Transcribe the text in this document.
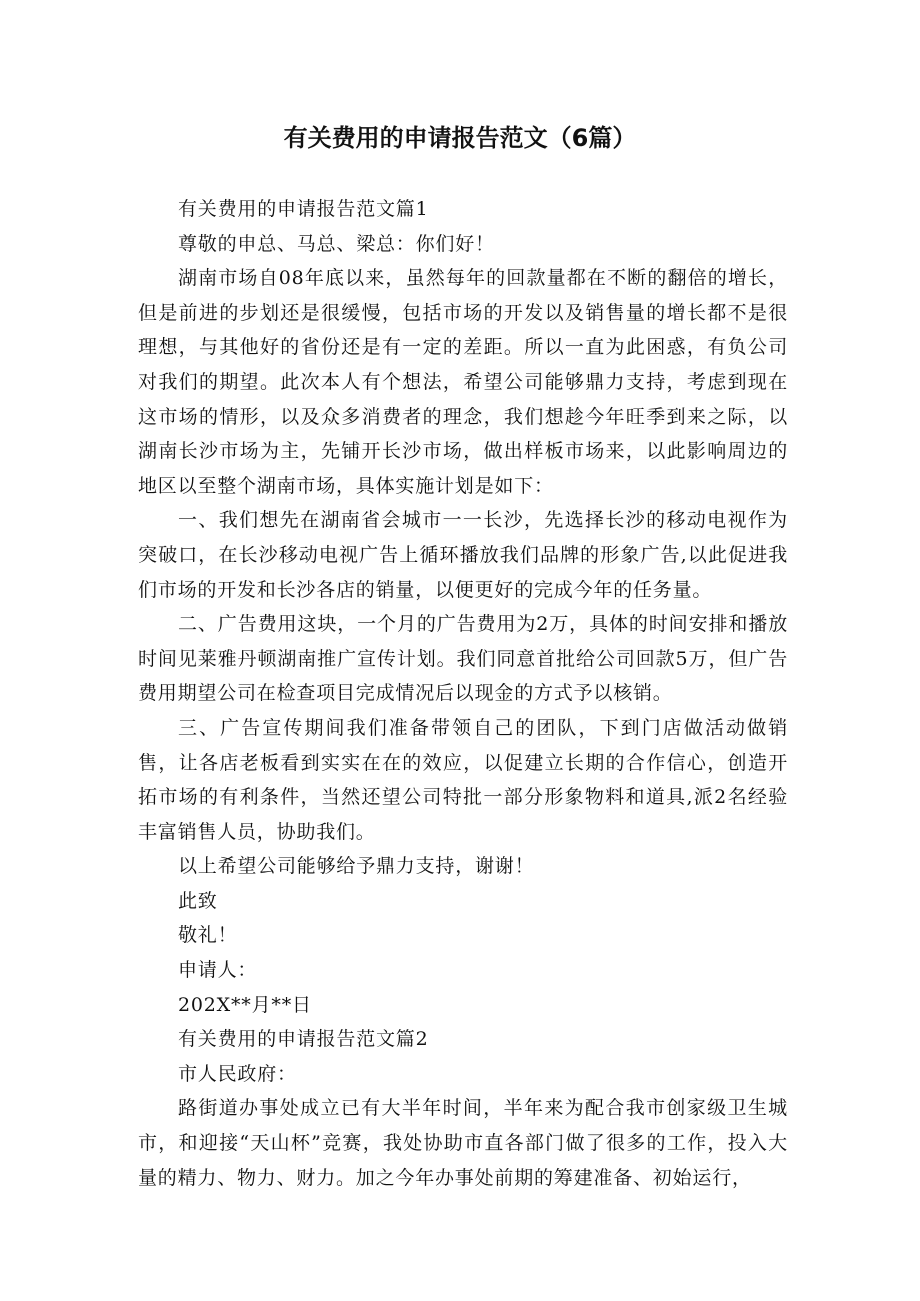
有关费用的申请报告范文（6篇）

有关费用的申请报告范文篇1

尊敬的申总、马总、梁总：你们好！

湖南市场自08年底以来，虽然每年的回款量都在不断的翻倍的增长，但是前进的步划还是很缓慢，包括市场的开发以及销售量的增长都不是很理想，与其他好的省份还是有一定的差距。所以一直为此困惑，有负公司对我们的期望。此次本人有个想法，希望公司能够鼎力支持，考虑到现在这市场的情形，以及众多消费者的理念，我们想趁今年旺季到来之际，以湖南长沙市场为主，先铺开长沙市场，做出样板市场来，以此影响周边的地区以至整个湖南市场，具体实施计划是如下：

一、我们想先在湖南省会城市一一长沙，先选择长沙的移动电视作为突破口，在长沙移动电视广告上循环播放我们品牌的形象广告,以此促进我们市场的开发和长沙各店的销量，以便更好的完成今年的任务量。

二、广告费用这块，一个月的广告费用为2万，具体的时间安排和播放时间见莱雅丹顿湖南推广宣传计划。我们同意首批给公司回款5万，但广告费用期望公司在检查项目完成情况后以现金的方式予以核销。

三、广告宣传期间我们准备带领自己的团队，下到门店做活动做销售，让各店老板看到实实在在的效应，以促建立长期的合作信心，创造开拓市场的有利条件，当然还望公司特批一部分形象物料和道具,派2名经验丰富销售人员，协助我们。

以上希望公司能够给予鼎力支持，谢谢！

此致

敬礼！

申请人：

202X**月**日

有关费用的申请报告范文篇2

市人民政府：

路街道办事处成立已有大半年时间，半年来为配合我市创家级卫生城市，和迎接“天山杯”竞赛，我处协助市直各部门做了很多的工作，投入大量的精力、物力、财力。加之今年办事处前期的筹建准备、初始运行，
